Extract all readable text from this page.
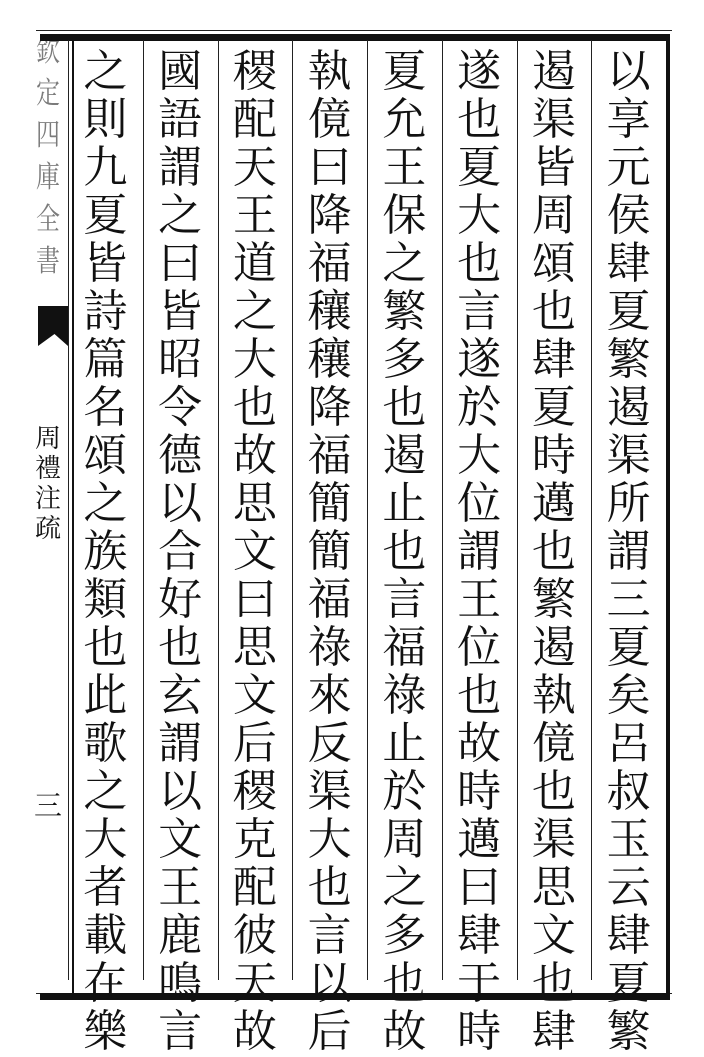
欽
定
四
庫
全
書
周
禮
注
疏
三
以
享
元
侯
肆
夏
繁
遏
渠
所
謂
三
夏
矣
呂
叔
玉
云
肆
夏
繁
遏
渠
皆
周
頌
也
肆
夏
時
邁
也
繁
遏
執
傹
也
渠
思
文
也
肆
遂
也
夏
大
也
言
遂
於
大
位
謂
王
位
也
故
時
邁
曰
肆
于
時
夏
允
王
保
之
繁
多
也
遏
止
也
言
福
祿
止
於
周
之
多
也
故
執
傹
曰
降
福
穰
穰
降
福
簡
簡
福
祿
來
反
渠
大
也
言
以
后
稷
配
天
王
道
之
大
也
故
思
文
曰
思
文
后
稷
克
配
彼
天
故
國
語
謂
之
曰
皆
昭
令
德
以
合
好
也
玄
謂
以
文
王
鹿
鳴
言
之
則
九
夏
皆
詩
篇
名
頌
之
族
類
也
此
歌
之
大
者
載
在
樂
